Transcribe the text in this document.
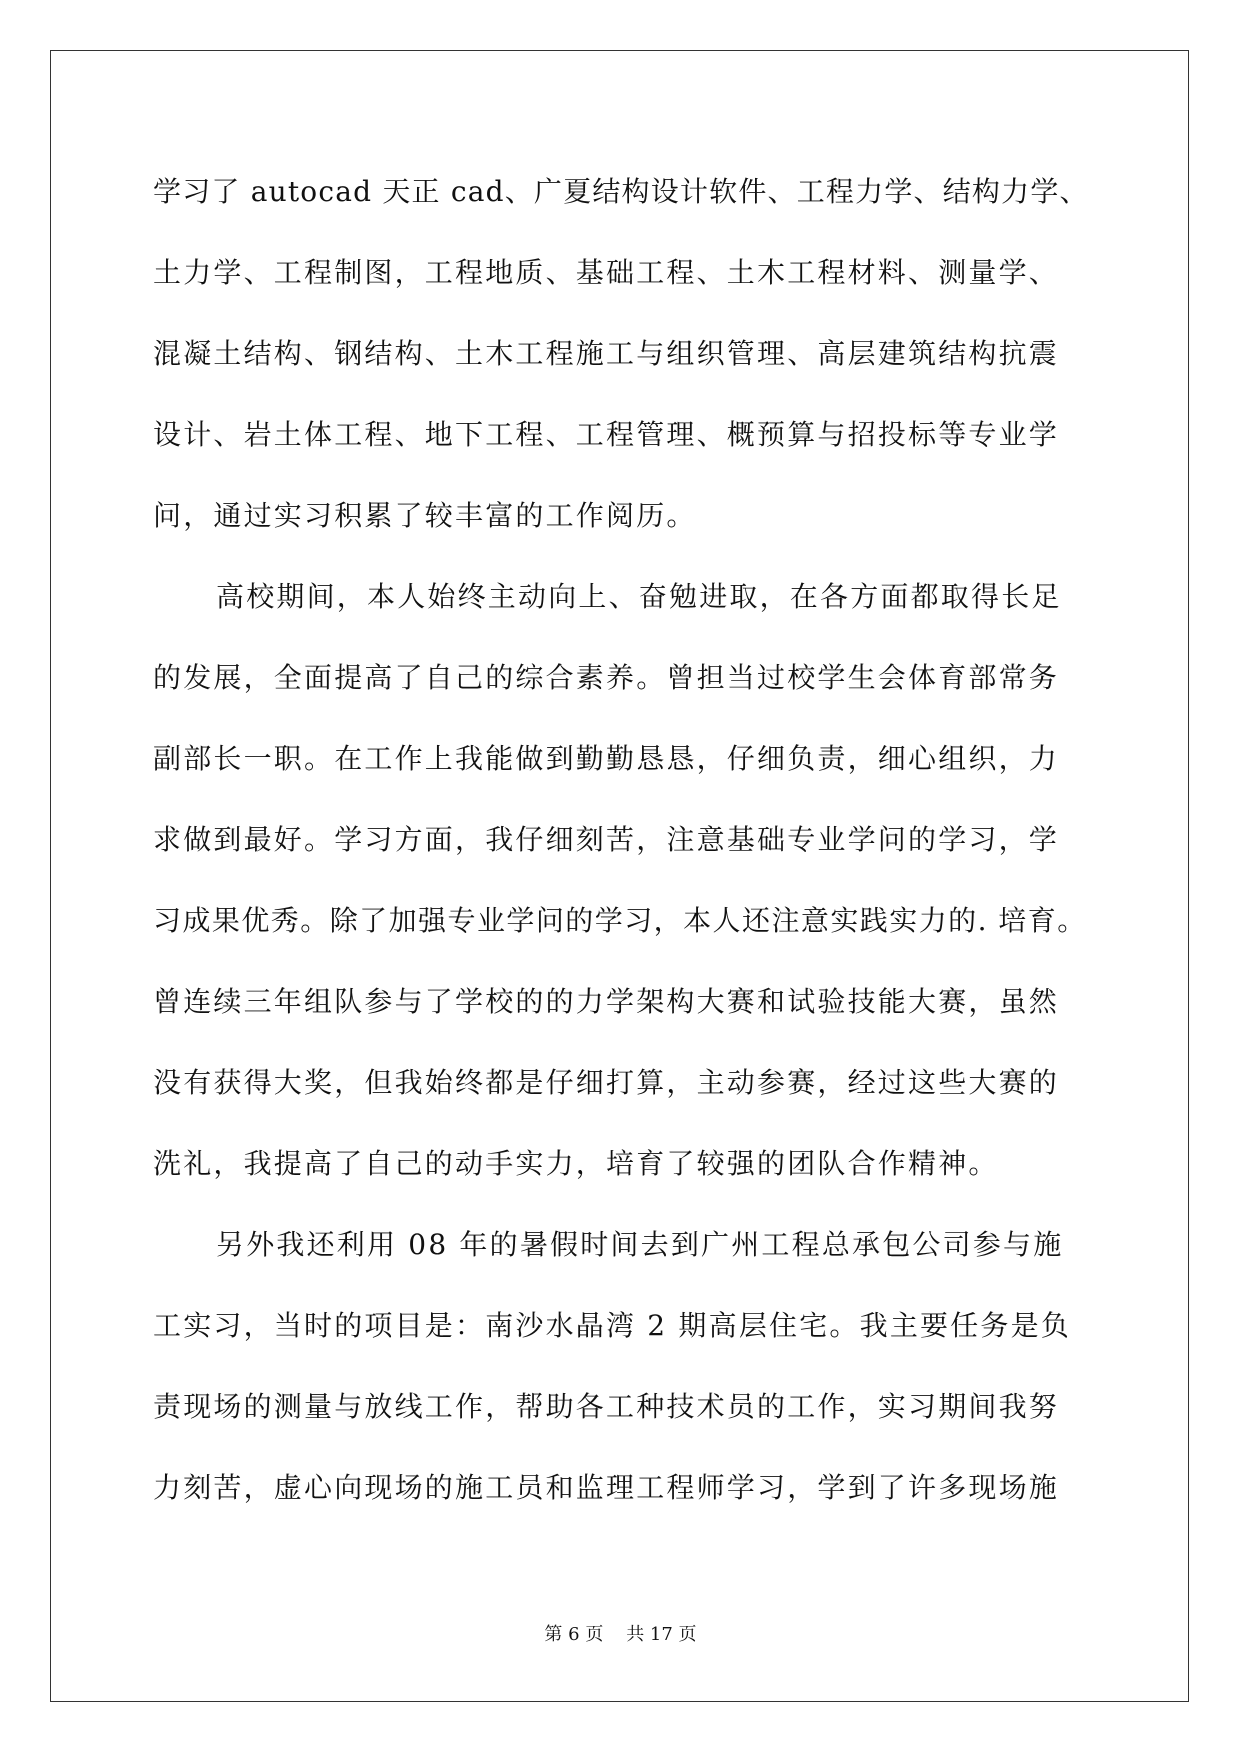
学习了 autocad 天正 cad、广夏结构设计软件、工程力学、结构力学、
土力学、工程制图，工程地质、基础工程、土木工程材料、测量学、
混凝土结构、钢结构、土木工程施工与组织管理、高层建筑结构抗震
设计、岩土体工程、地下工程、工程管理、概预算与招投标等专业学
问，通过实习积累了较丰富的工作阅历。
高校期间，本人始终主动向上、奋勉进取，在各方面都取得长足
的发展，全面提高了自己的综合素养。曾担当过校学生会体育部常务
副部长一职。在工作上我能做到勤勤恳恳，仔细负责，细心组织，力
求做到最好。学习方面，我仔细刻苦，注意基础专业学问的学习，学
习成果优秀。除了加强专业学问的学习，本人还注意实践实力的. 培育。
曾连续三年组队参与了学校的的力学架构大赛和试验技能大赛，虽然
没有获得大奖，但我始终都是仔细打算，主动参赛，经过这些大赛的
洗礼，我提高了自己的动手实力，培育了较强的团队合作精神。
另外我还利用 08 年的暑假时间去到广州工程总承包公司参与施
工实习，当时的项目是：南沙水晶湾 2 期高层住宅。我主要任务是负
责现场的测量与放线工作，帮助各工种技术员的工作，实习期间我努
力刻苦，虚心向现场的施工员和监理工程师学习，学到了许多现场施
第 6 页    共 17 页
